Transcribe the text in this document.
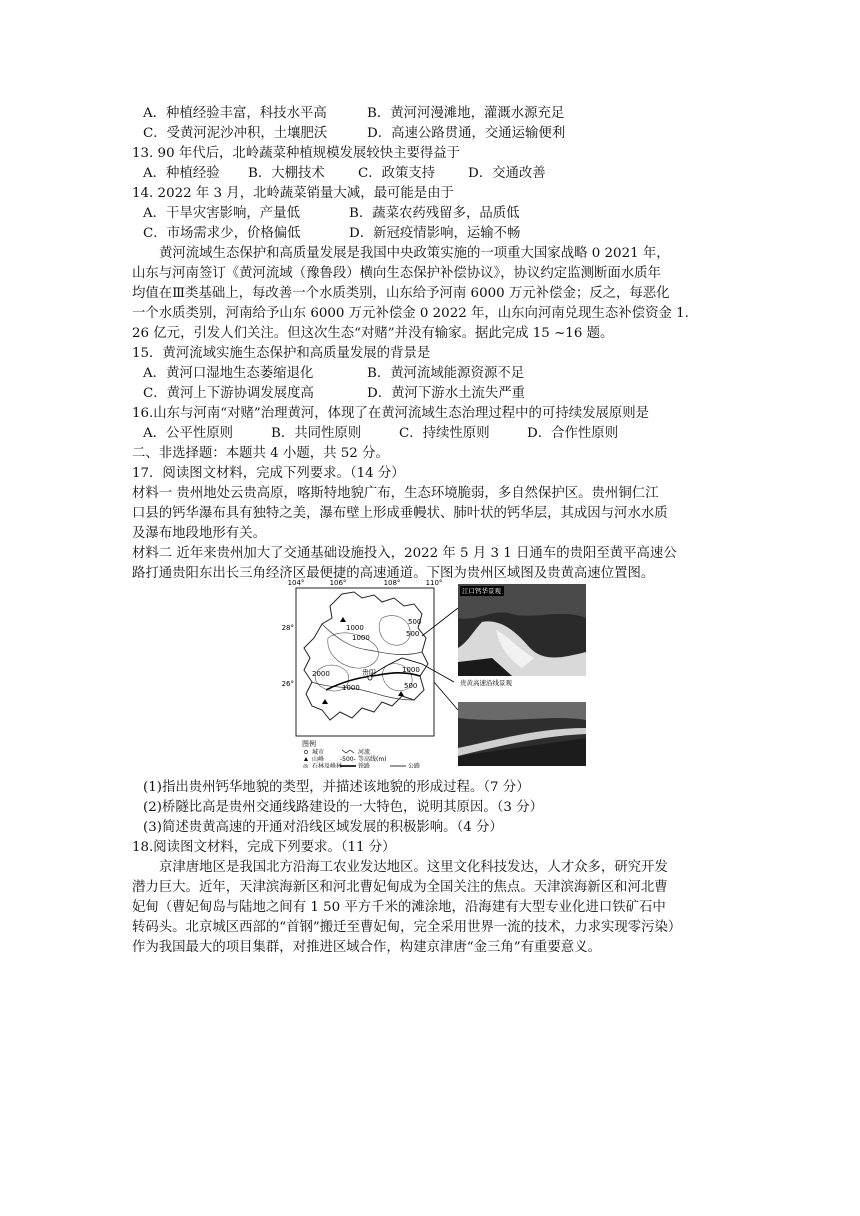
A．种植经验丰富，科技水平高	B．黄河河漫滩地，灌溉水源充足
C．受黄河泥沙冲积，土壤肥沃	D．高速公路贯通，交通运输便利
13. 90 年代后，北岭蔬菜种植规模发展较快主要得益于
A．种植经验 B．大棚技术 C．政策支持 D．交通改善
14. 2022 年 3 月，北岭蔬菜销量大减，最可能是由于
A．干旱灾害影响，产量低	B．蔬菜农药残留多，品质低
C．市场需求少，价格偏低	D．新冠疫情影响，运输不畅
黄河流域生态保护和高质量发展是我国中央政策实施的一项重大国家战略 0 2021 年，
山东与河南签订《黄河流域（豫鲁段）横向生态保护补偿协议》，协议约定监测断面水质年
均值在Ⅲ类基础上，每改善一个水质类别，山东给予河南 6000 万元补偿金；反之，每恶化
一个水质类别，河南给予山东 6000 万元补偿金 0 2022 年，山东向河南兑现生态补偿资金 1.
26 亿元，引发人们关注。但这次生态“对赌”并没有输家。据此完成 15 ~16 题。
15．黄河流域实施生态保护和高质量发展的背景是
A．黄河口湿地生态萎缩退化	B．黄河流域能源资源不足
C．黄河上下游协调发展度高	D．黄河下游水土流失严重
16.山东与河南“对赌”治理黄河，体现了在黄河流域生态治理过程中的可持续发展原则是
A．公平性原则	B．共同性原则	C．持续性原则	D．合作性原则
二、非选择题：本题共 4 小题，共 52 分。
17．阅读图文材料，完成下列要求。（14 分）
材料一 贵州地处云贵高原，喀斯特地貌广布，生态环境脆弱，多自然保护区。贵州铜仁江
口县的钙华瀑布具有独特之美，瀑布壁上形成垂幔状、肺叶状的钙华层，其成因与河水水质
及瀑布地段地形有关。
材料二 近年来贵州加大了交通基础设施投入，2022 年 5 月 3 1 日通车的贵阳至黄平高速公
路打通贵阳东出长三角经济区最便捷的高速通道。下图为贵州区域图及贵黄高速位置图。
104°	106°	108°	110°
28°
26°
1000
1000
500
500
2000	1000
1000	500
贵阳
图例
城市
山峰
◎ 石林及峰林
河流
-500- 等高线(m)
铁路	公路
江口钙华景观
贵黄高速沿线景观
(1)指出贵州钙华地貌的类型，并描述该地貌的形成过程。（7 分）
(2)桥隧比高是贵州交通线路建设的一大特色，说明其原因。（3 分）
(3)简述贵黄高速的开通对沿线区域发展的积极影响。（4 分）
18.阅读图文材料，完成下列要求。（11 分）
京津唐地区是我国北方沿海工农业发达地区。这里文化科技发达，人才众多，研究开发
潜力巨大。近年，天津滨海新区和河北曹妃甸成为全国关注的焦点。天津滨海新区和河北曹
妃甸（曹妃甸岛与陆地之间有 1 50 平方千米的滩涂地，沿海建有大型专业化进口铁矿石中
转码头。北京城区西部的“首钢”搬迁至曹妃甸，完全采用世界一流的技术，力求实现零污染）
作为我国最大的项目集群，对推进区域合作，构建京津唐“金三角”有重要意义。
